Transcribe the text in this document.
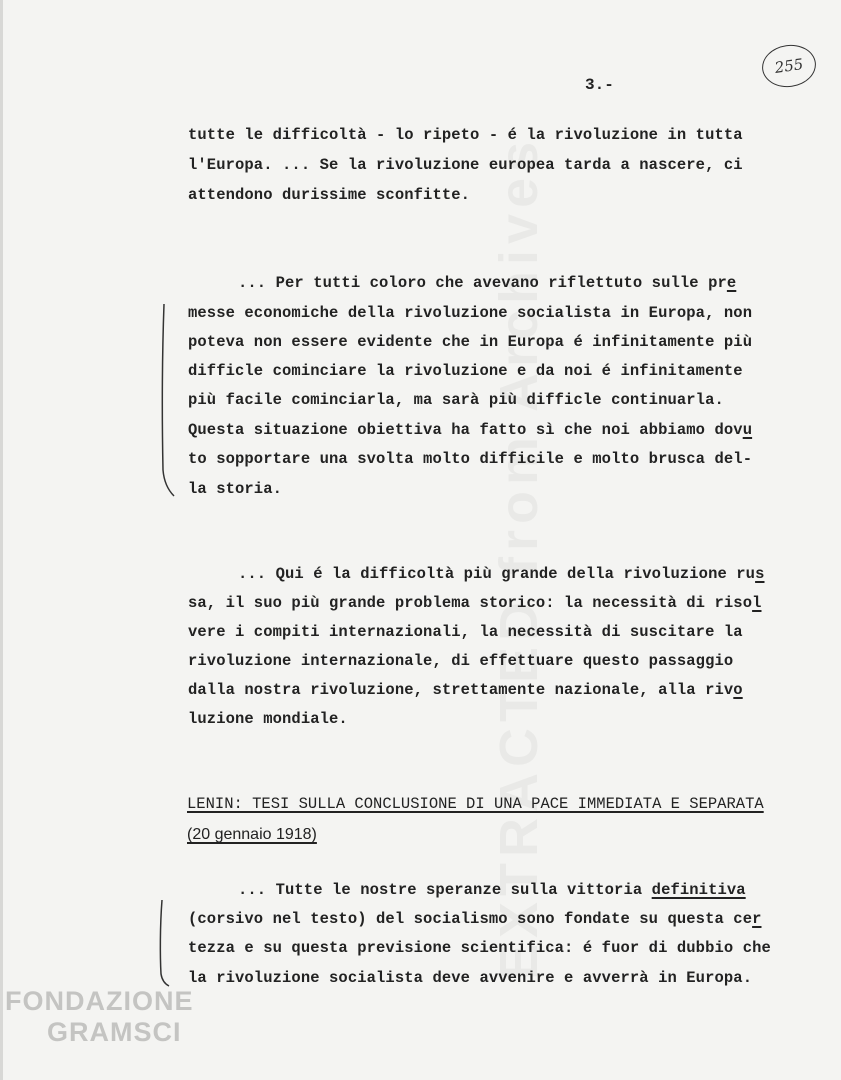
255
3.-
tutte le difficoltà - lo ripeto - é la rivoluzione in tutta
l'Europa. ... Se la rivoluzione europea tarda a nascere, ci
attendono durissime sconfitte.
... Per tutti coloro che avevano riflettuto sulle pre
messe economiche della rivoluzione socialista in Europa, non
poteva non essere evidente che in Europa é infinitamente più
difficle cominciare la rivoluzione e da noi é infinitamente
più facile cominciarla, ma sarà più difficle continuarla.
Questa situazione obiettiva ha fatto sì che noi abbiamo dovu
to sopportare una svolta molto difficile e molto brusca del-
la storia.
... Qui é la difficoltà più grande della rivoluzione rus
sa, il suo più grande problema storico: la necessità di risol
vere i compiti internazionali, la necessità di suscitare la
rivoluzione internazionale, di effettuare questo passaggio
dalla nostra rivoluzione, strettamente nazionale, alla rivo
luzione mondiale.
LENIN: TESI SULLA CONCLUSIONE DI UNA PACE IMMEDIATA E SEPARATA
(20 gennaio 1918)
... Tutte le nostre speranze sulla vittoria definitiva
(corsivo nel testo) del socialismo sono fondate su questa cer
tezza e su questa previsione scientifica: é fuor di dubbio che
la rivoluzione socialista deve avvenire e avverrà in Europa.
FONDAZIONE
GRAMSCI
